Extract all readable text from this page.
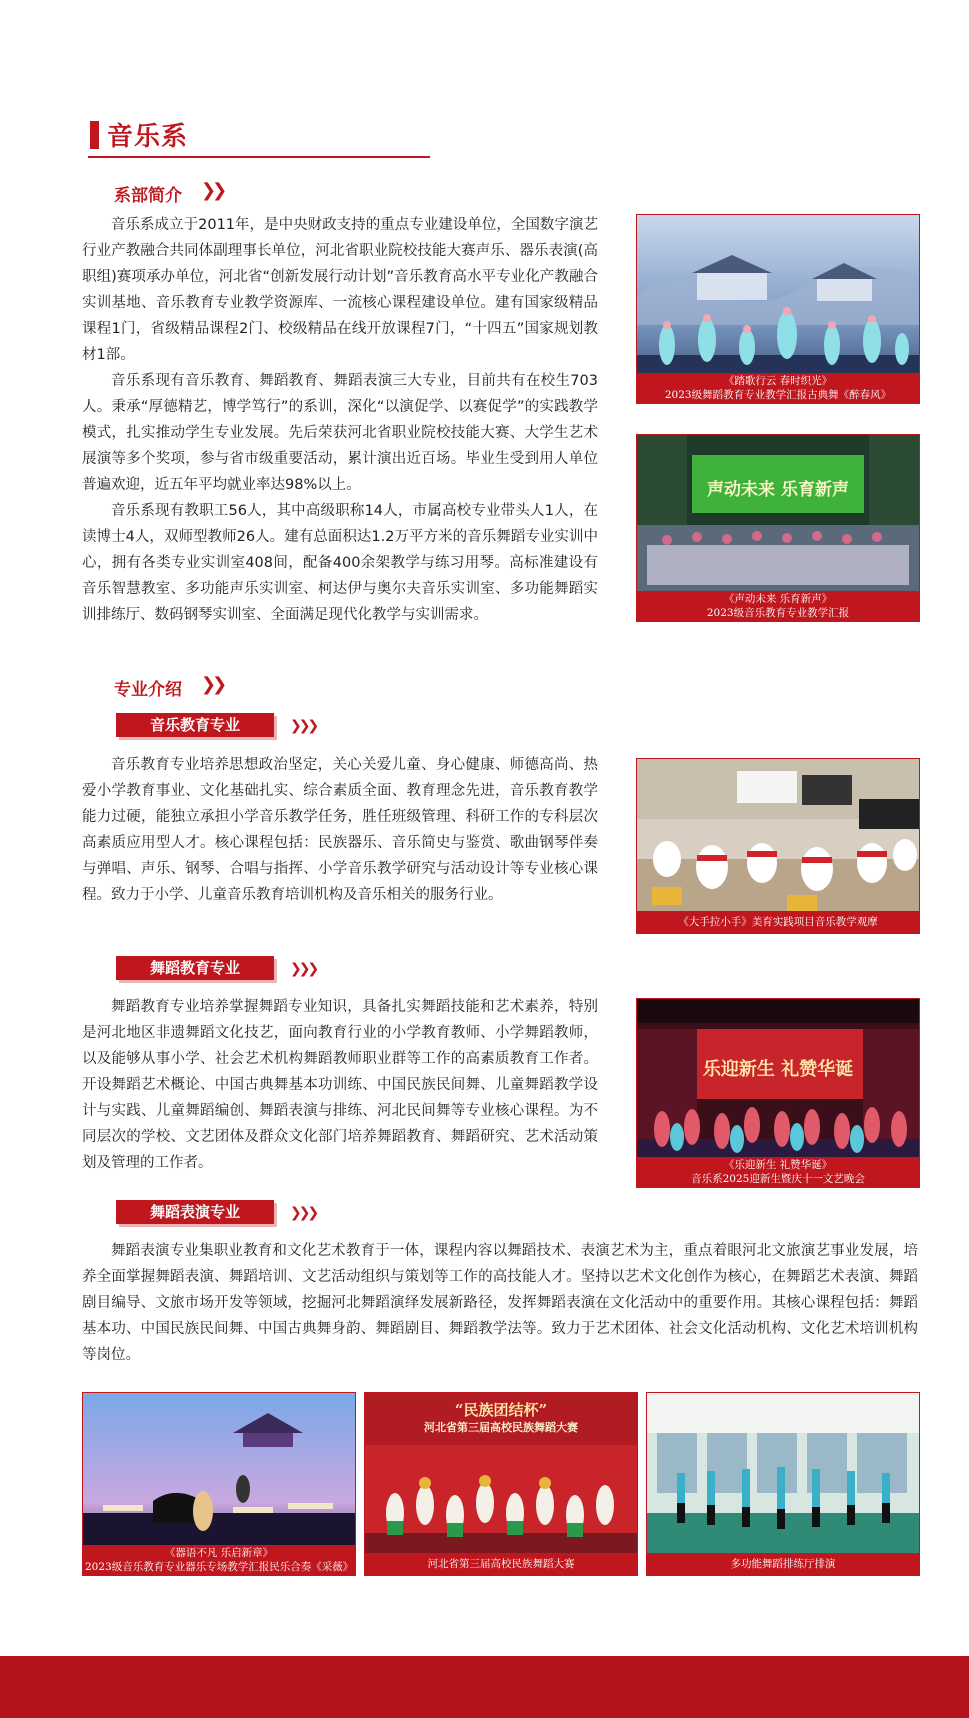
音乐系
系部简介 ❯❯

音乐系成立于2011年，是中央财政支持的重点专业建设单位，全国数字演艺行业产教融合共同体副理事长单位，河北省职业院校技能大赛声乐、器乐表演(高职组)赛项承办单位，河北省“创新发展行动计划”音乐教育高水平专业化产教融合实训基地、音乐教育专业教学资源库、一流核心课程建设单位。建有国家级精品课程1门，省级精品课程2门、校级精品在线开放课程7门，“十四五”国家规划教材1部。

音乐系现有音乐教育、舞蹈教育、舞蹈表演三大专业，目前共有在校生703人。秉承“厚德精艺，博学笃行”的系训，深化“以演促学、以赛促学”的实践教学模式，扎实推动学生专业发展。先后荣获河北省职业院校技能大赛、大学生艺术展演等多个奖项，参与省市级重要活动，累计演出近百场。毕业生受到用人单位普遍欢迎，近五年平均就业率达98%以上。

音乐系现有教职工56人，其中高级职称14人，市属高校专业带头人1人，在读博士4人，双师型教师26人。建有总面积达1.2万平方米的音乐舞蹈专业实训中心，拥有各类专业实训室408间，配备400余架教学与练习用琴。高标准建设有音乐智慧教室、多功能声乐实训室、柯达伊与奥尔夫音乐实训室、多功能舞蹈实训排练厅、数码钢琴实训室、全面满足现代化教学与实训需求。

《踏歌行云 春时织光》
2023级舞蹈教育专业教学汇报古典舞《醉春风》
声动未来 乐育新声
《声动未来 乐育新声》
2023级音乐教育专业教学汇报
专业介绍 ❯❯
音乐教育专业	❯❯❯

音乐教育专业培养思想政治坚定，关心关爱儿童、身心健康、师德高尚、热爱小学教育事业、文化基础扎实、综合素质全面、教育理念先进，音乐教育教学能力过硬，能独立承担小学音乐教学任务，胜任班级管理、科研工作的专科层次高素质应用型人才。核心课程包括：民族器乐、音乐简史与鉴赏、歌曲钢琴伴奏与弹唱、声乐、钢琴、合唱与指挥、小学音乐教学研究与活动设计等专业核心课程。致力于小学、儿童音乐教育培训机构及音乐相关的服务行业。

《大手拉小手》美育实践项目音乐教学观摩
舞蹈教育专业	❯❯❯

舞蹈教育专业培养掌握舞蹈专业知识，具备扎实舞蹈技能和艺术素养，特别是河北地区非遗舞蹈文化技艺，面向教育行业的小学教育教师、小学舞蹈教师，以及能够从事小学、社会艺术机构舞蹈教师职业群等工作的高素质教育工作者。开设舞蹈艺术概论、中国古典舞基本功训练、中国民族民间舞、儿童舞蹈教学设计与实践、儿童舞蹈编创、舞蹈表演与排练、河北民间舞等专业核心课程。为不同层次的学校、文艺团体及群众文化部门培养舞蹈教育、舞蹈研究、艺术活动策划及管理的工作者。

乐迎新生 礼赞华诞
《乐迎新生 礼赞华诞》
音乐系2025迎新生暨庆十一文艺晚会
舞蹈表演专业	❯❯❯

舞蹈表演专业集职业教育和文化艺术教育于一体，课程内容以舞蹈技术、表演艺术为主，重点着眼河北文旅演艺事业发展，培养全面掌握舞蹈表演、舞蹈培训、文艺活动组织与策划等工作的高技能人才。坚持以艺术文化创作为核心，在舞蹈艺术表演、舞蹈剧目编导、文旅市场开发等领域，挖掘河北舞蹈演绎发展新路径，发挥舞蹈表演在文化活动中的重要作用。其核心课程包括：舞蹈基本功、中国民族民间舞、中国古典舞身韵、舞蹈剧目、舞蹈教学法等。致力于艺术团体、社会文化活动机构、文化艺术培训机构等岗位。

《器语不凡 乐启新章》
2023级音乐教育专业器乐专场教学汇报民乐合奏《采薇》
“民族团结杯”
河北省第三届高校民族舞蹈大赛
河北省第三届高校民族舞蹈大赛	多功能舞蹈排练厅排演
